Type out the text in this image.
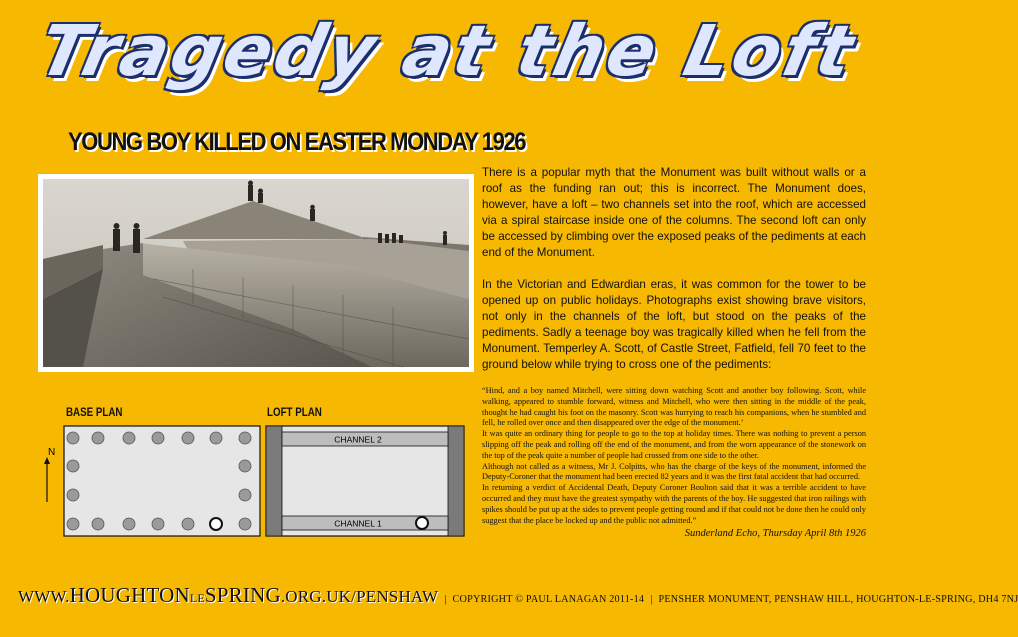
Tragedy at the Loft
YOUNG BOY KILLED ON EASTER MONDAY 1926

There is a popular myth that the Monument was built without walls or a roof as the funding ran out; this is incorrect. The Monument does, however, have a loft – two channels set into the roof, which are accessed via a spiral staircase inside one of the columns. The second loft can only be accessed by climbing over the exposed peaks of the pediments at each end of the Monument.

In the Victorian and Edwardian eras, it was common for the tower to be opened up on public holidays. Photographs exist showing brave visitors, not only in the channels of the loft, but stood on the peaks of the pediments. Sadly a teenage boy was tragically killed when he fell from the Monument. Temperley A. Scott, of Castle Street, Fatfield, fell 70 feet to the ground below while trying to cross one of the pediments:

“Hind, and a boy named Mitchell, were sitting down watching Scott and another boy following. Scott, while walking, appeared to stumble forward, witness and Mitchell, who were then sitting in the middle of the peak, thought he had caught his foot on the masonry. Scott was hurrying to reach his companions, when he stumbled and fell, he rolled over once and then disappeared over the edge of the monument.’

It was quite an ordinary thing for people to go to the top at holiday times. There was nothing to prevent a person slipping off the peak and rolling off the end of the monument, and from the worn appearance of the stonework on the top of the peak quite a number of people had crossed from one side to the other.

Although not called as a witness, Mr J. Colpitts, who has the charge of the keys of the monument, informed the Deputy-Coroner that the monument had been erected 82 years and it was the first fatal accident that had occurred.

In returning a verdict of Accidental Death, Deputy Coroner Boulton said that it was a terrible accident to have occurred and they must have the greatest sympathy with the parents of the boy. He suggested that iron railings with spikes should be put up at the sides to prevent people getting round and if that could not be done then he could only suggest that the place be locked up and the public not admitted.”

Sunderland Echo, Thursday April 8th 1926

BASE PLAN	LOFT PLAN
N
CHANNEL 2
CHANNEL 1
WWW.HOUGHTONLESPRING.ORG.UK/PENSHAW | COPYRIGHT © PAUL LANAGAN 2011-14 | PENSHER MONUMENT, PENSHAW HILL, HOUGHTON-LE-SPRING, DH4 7NJ
